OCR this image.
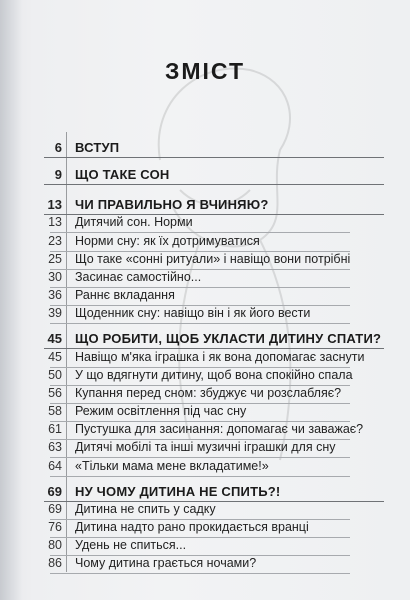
ЗМІСТ
6 ВСТУП
9 ЩО ТАКЕ СОН
13 ЧИ ПРАВИЛЬНО Я ВЧИНЯЮ?
13 Дитячий сон. Норми
23 Норми сну: як їх дотримуватися
25 Що таке «сонні ритуали» і навіщо вони потрібні
30 Засинає самостійно...
36 Раннє вкладання
39 Щоденник сну: навіщо він і як його вести
45 ЩО РОБИТИ, ЩОБ УКЛАСТИ ДИТИНУ СПАТИ?
45 Навіщо м'яка іграшка і як вона допомагає заснути
50 У що вдягнути дитину, щоб вона спокійно спала
56 Купання перед сном: збуджує чи розслабляє?
58 Режим освітлення під час сну
61 Пустушка для засинання: допомагає чи заважає?
63 Дитячі мобілі та інші музичні іграшки для сну
64 «Тільки мама мене вкладатиме!»
69 НУ ЧОМУ ДИТИНА НЕ СПИТЬ?!
69 Дитина не спить у садку
76 Дитина надто рано прокидається вранці
80 Удень не спиться...
86 Чому дитина грається ночами?
